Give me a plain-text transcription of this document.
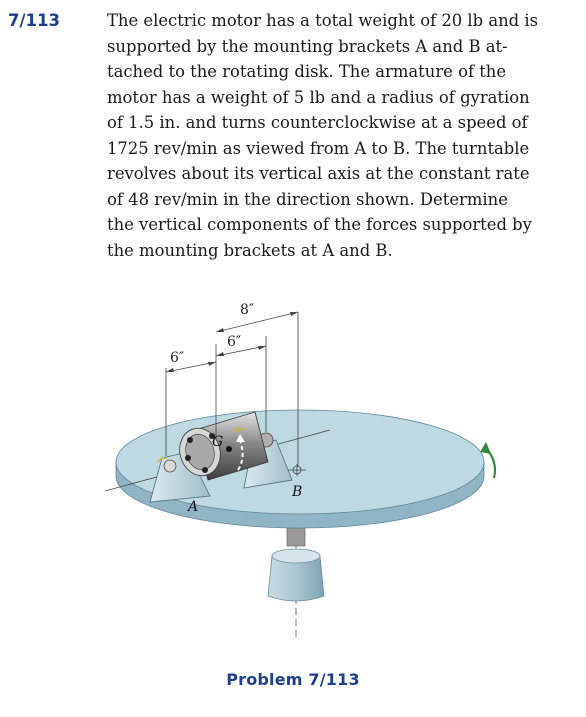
7/113	The electric motor has a total weight of 20 lb and is
supported by the mounting brackets A and B at-
tached to the rotating disk. The armature of the
motor has a weight of 5 lb and a radius of gyration
of 1.5 in. and turns counterclockwise at a speed of
1725 rev/min as viewed from A to B. The turntable
revolves about its vertical axis at the constant rate
of 48 rev/min in the direction shown. Determine
the vertical components of the forces supported by
the mounting brackets at A and B.
8″
6″
6″
G
A
B
Problem 7/113
